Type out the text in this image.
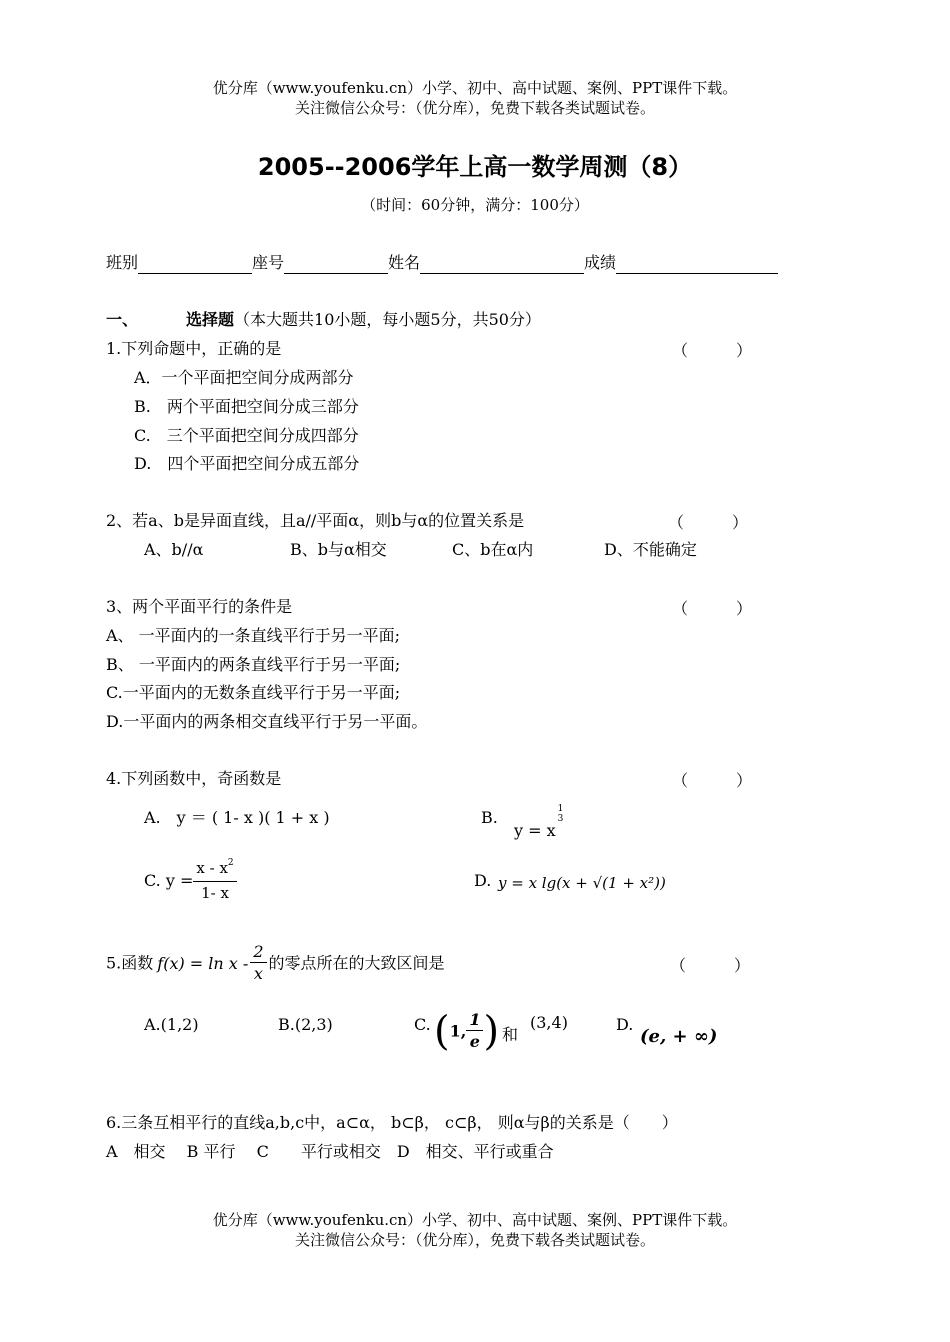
优分库（www.youfenku.cn）小学、初中、高中试题、案例、PPT课件下载。
关注微信公众号：（优分库），免费下载各类试题试卷。
2005--2006学年上高一数学周测（8）
（时间：60分钟，满分：100分）
班别	座号	姓名	成绩
一、	选择题（本大题共10小题，每小题5分，共50分）
1.下列命题中，正确的是	（　　　）
A．一个平面把空间分成两部分
B.　两个平面把空间分成三部分
C.　三个平面把空间分成四部分
D.　四个平面把空间分成五部分
2、若a、b是异面直线，且a//平面α，则b与α的位置关系是	（　　　）
A、b//α	B、b与α相交	C、b在α内	D、不能确定
3、两个平面平行的条件是	（　　　）
A、 一平面内的一条直线平行于另一平面;
B、 一平面内的两条直线平行于另一平面;
C.一平面内的无数条直线平行于另一平面;
D.一平面内的两条相交直线平行于另一平面。
4.下列函数中，奇函数是	（　　　）
A.　y ＝ ( 1- x )( 1 + x )	B.
y = x
1
3
C. $y = \frac{x - x^2}{1- x}$	D. y = x lg(x + √(1 + x²))
5.函数 $f(x) = \ln x - \frac{2}{x}$ 的零点所在的大致区间是	（　　　）
A.(1,2)	B.(2,3)	C. (1, $\frac{1}{e}$ ) 和
(3,4)	D.
(e, + ∞)
6.三条互相平行的直线a,b,c中，a⊂α， b⊂β， c⊂β， 则α与β的关系是（　　）
A　相交　 B 平行　 C　　平行或相交　D　相交、平行或重合
优分库（www.youfenku.cn）小学、初中、高中试题、案例、PPT课件下载。
关注微信公众号：（优分库），免费下载各类试题试卷。
